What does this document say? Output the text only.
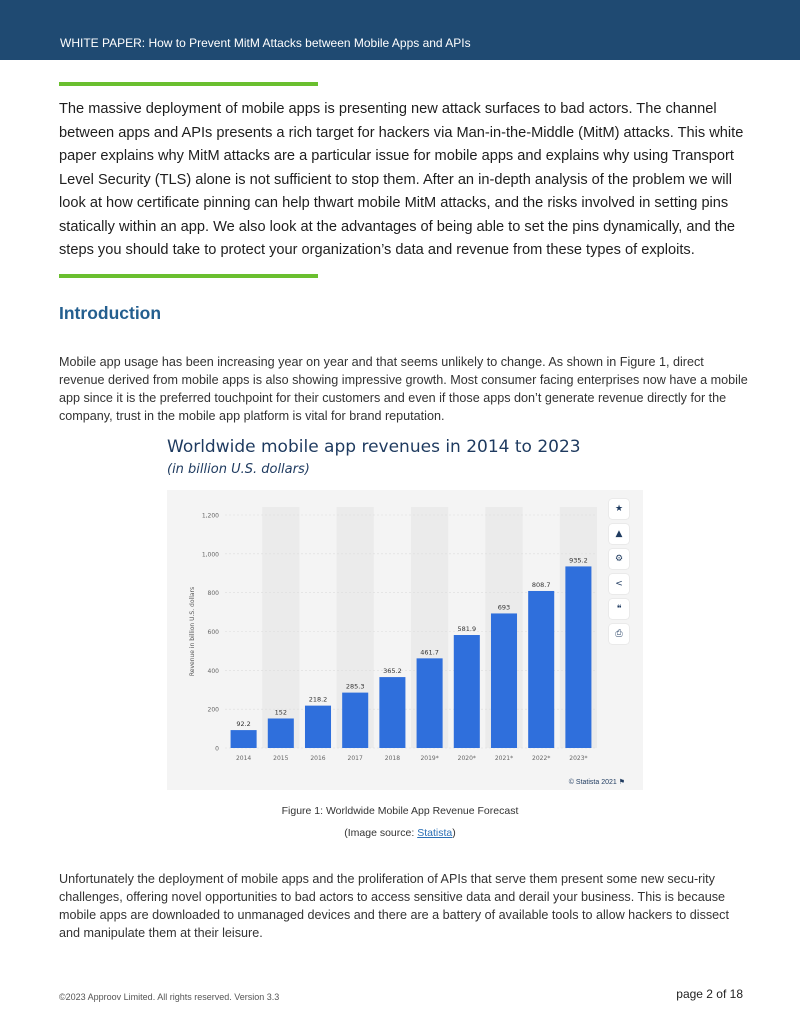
WHITE PAPER: How to Prevent MitM Attacks between Mobile Apps and APIs

The massive deployment of mobile apps is presenting new attack surfaces to bad actors. The channel between apps and APIs presents a rich target for hackers via Man-in-the-Middle (MitM) attacks. This white paper explains why MitM attacks are a particular issue for mobile apps and explains why using Transport Level Security (TLS) alone is not sufficient to stop them. After an in-depth analysis of the problem we will look at how certificate pinning can help thwart mobile MitM attacks, and the risks involved in setting pins statically within an app. We also look at the advantages of being able to set the pins dynamically, and the steps you should take to protect your organization’s data and revenue from these types of exploits.

Introduction

Mobile app usage has been increasing year on year and that seems unlikely to change. As shown in Figure 1, direct revenue derived from mobile apps is also showing impressive growth. Most consumer facing enterprises now have a mobile app since it is the preferred touchpoint for their customers and even if those apps don’t generate revenue directly for the company, trust in the mobile app platform is vital for brand reputation.

Worldwide mobile app revenues in 2014 to 2023
(in billion U.S. dollars)
0
200
400
600
800
1,000
1,200
Revenue in billion U.S. dollars
92.2
2014
152
2015
218.2
2016
285.3
2017
365.2
2018
461.7
2019*
581.9
2020*
693
2021*
808.7
2022*
935.2
2023*
★
▲
⚙
<
❝
⎙
© Statista 2021 ⚑
Figure 1: Worldwide Mobile App Revenue Forecast
(Image source: Statista)

Unfortunately the deployment of mobile apps and the proliferation of APIs that serve them present some new secu-rity challenges, offering novel opportunities to bad actors to access sensitive data and derail your business. This is because mobile apps are downloaded to unmanaged devices and there are a battery of available tools to allow hackers to dissect and manipulate them at their leisure.

©2023 Approov Limited. All rights reserved. Version 3.3	page 2 of 18
